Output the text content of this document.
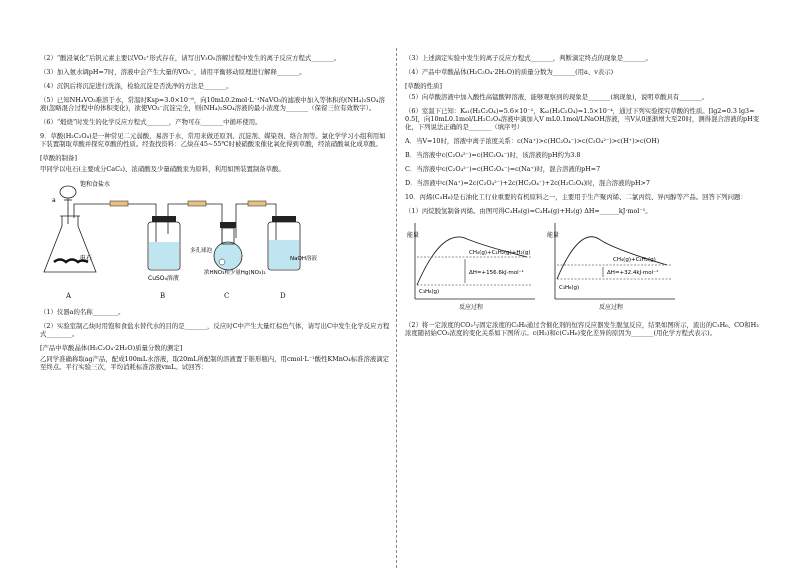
（2）“酸浸氧化”后钒元素主要以VO₂⁺形式存在，请写出V₂O₅溶解过程中发生的离子反应方程式_______。

（3）加入氨水调pH=7时，溶液中会产生大量的VO₃⁻，请用平衡移动原理进行解释_______。

（4）沉钒后将沉淀进行洗涤，检验沉淀是否洗净的方法是_______。

（5）已知NH₄VO₃难溶于水，常温时Ksp≈3.0×10⁻⁸，向10mL0.2mol·L⁻¹NaVO₃的滤液中加入等体积的(NH₄)₂SO₄溶液(忽略混合过程中的体积变化)，欲使VO₃⁻沉淀完全，则(NH₄)₂SO₄溶液的最小浓度为_______（保留三位有效数字）。

（6）“煅烧”时发生的化学反应方程式_______，产物可在_______中循环使用。

9．草酸(H₂C₂O₄)是一种常见二元弱酸，易溶于水，常用来做还原剂、沉淀剂、媒染剂、络合剂等。氯化学学习小组利用如下装置制取草酸并探究草酸的性质。经查找资料：乙炔在45~55℃时被硝酸汞催化氧化得到草酸，经浓硝酸氧化成草酸。

[草酸的制备]

甲同学以电石(主要成分CaC₂)、浓硝酸及少量硝酸汞为原料，利用如图装置制备草酸。

饱和食盐水
a
电石
CuSO₄溶液
多孔球泡
浓HNO₃和少量Hg(NO₃)₂
NaOH溶液
A	B	C	D

（1）仪器a的名称________。

（2）实验室制乙炔时用饱和食盐水替代水的目的是_______，反应时C中产生大量红棕色气体，请写出C中发生化学反应方程式________。

[产品中草酸晶体(H₂C₂O₄·2H₂O)质量分数的测定]

乙同学准确称取ag产品，配成100mL水溶液，取20mL所配制的溶液置于锥形瓶内，用cmol·L⁻¹酸性KMnO₄标准溶液滴定至终点。平行实验三次，平均消耗标准溶液vmL。试回答：

（3）上述滴定实验中发生的离子反应方程式_______，判断滴定终点的现象是_______。

（4）产品中草酸晶体(H₂C₂O₄·2H₂O)的质量分数为_______(用a、v表示)

[草酸的性质]

（5）向草酸溶液中加入酸性高锰酸钾溶液，能够观察到的现象是_______(填现象)，说明草酸具有_______。

（6）室温下已知：Kₐ₁(H₂C₂O₄)=5.6×10⁻²，Kₐ₂(H₂C₂O₄)=1.5×10⁻⁴，通过下列实验探究草酸的性质。[lg2=0.3 lg3=0.5]，向10mL0.1mol/LH₂C₂O₄溶液中滴加入V mL0.1mol/LNaOH溶液，当V从0逐渐增大至20时，测得混合溶液的pH变化，下列说法正确的是_______（填序号）

A．当V=10时，溶液中离子浓度关系：c(Na⁺)>c(HC₂O₄⁻)>c(C₂O₄²⁻)>c(H⁺)>c(OH)

B．当溶液中c(C₂O₄²⁻)=c(HC₂O₄⁻)时，该溶液的pH约为3.8

C．当溶液中c(C₂O₄²⁻)=c(HC₂O₄⁻)=c(Na⁺)时，混合溶液的pH=7

D．当溶液中c(Na⁺)=2c(C₂O₄²⁻)+2c(HC₂O₄⁻)+2c(H₂C₂O₄)时，混合溶液的pH>7

10．丙烯(C₃H₆)是石油化工行业重要的有机原料之一，主要用于生产聚丙烯、二氯丙烷、异丙醇等产品。回答下列问题：

（1）丙烷脱氢制备丙烯。由图可得C₃H₈(g)=C₃H₆(g)+H₂(g) ΔH=______kJ·mol⁻¹。

能量
CH₄(g)+C₂H₂(g)+H₂(g)
ΔH=+156.6kJ·mol⁻¹
C₃H₈(g)
反应过程
能量
CH₄(g)+C₂H₂(g)
ΔH=+32.4kJ·mol⁻¹
C₃H₆(g)
反应过程

（2）将一定浓度的CO₂与固定浓度的C₃H₈通过含催化剂的恒容反应器发生脱氢反应，结果如图所示，流出的C₃H₆、CO和H₂浓度随初始CO₂浓度的变化关系如下图所示。c(H₂)和c(C₃H₆)变化差异的原因为_______(用化学方程式表示)。
